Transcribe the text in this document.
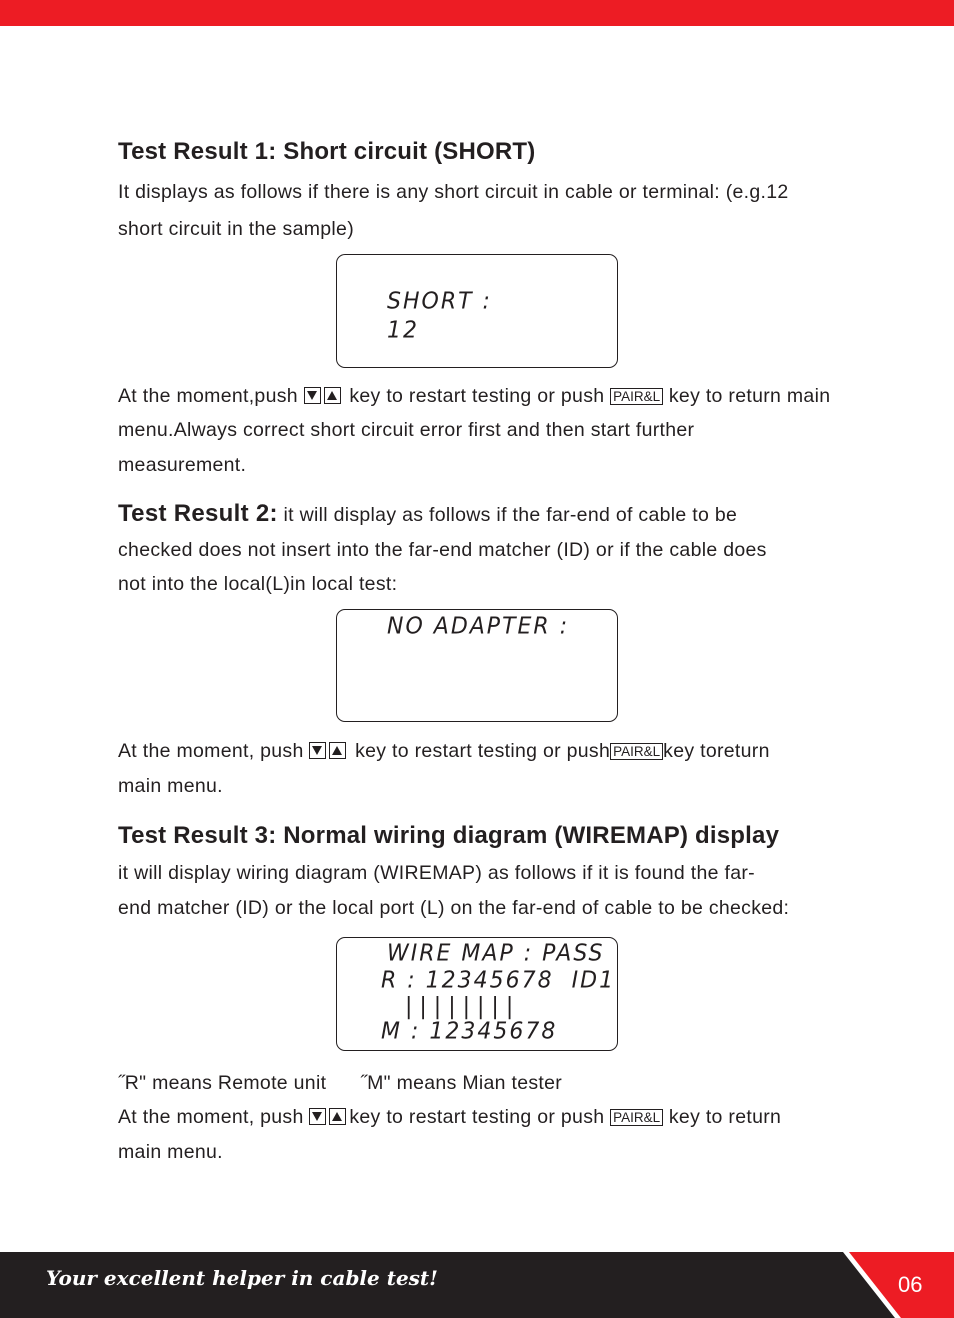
Test Result 1: Short circuit (SHORT)
It displays as follows if there is any short circuit in cable or terminal: (e.g.12
short circuit in the sample)
At the moment,push	key to restart testing or push PAIR&L key to return main
menu.Always correct short circuit error first and then start further
measurement.
Test Result 2: it will display as follows if the far-end of cable to be
checked does not insert into the far-end matcher (ID) or if the cable does
not into the local(L)in local test:
At the moment, push	key to restart testing or push PAIR&L key toreturn
main menu.
Test Result 3: Normal wiring diagram (WIREMAP) display
it will display wiring diagram (WIREMAP) as follows if it is found the far-
end matcher (ID) or the local port (L) on the far-end of cable to be checked:
˝R" means Remote unit ˝M" means Mian tester
At the moment, push key to restart testing or push PAIR&L key to return
main menu.
SHORT :
12
NO ADAPTER :
WIRE MAP : PASS
R : 12345678  ID1
| | | | | | | |
M : 12345678
Your excellent helper in cable test!	06
